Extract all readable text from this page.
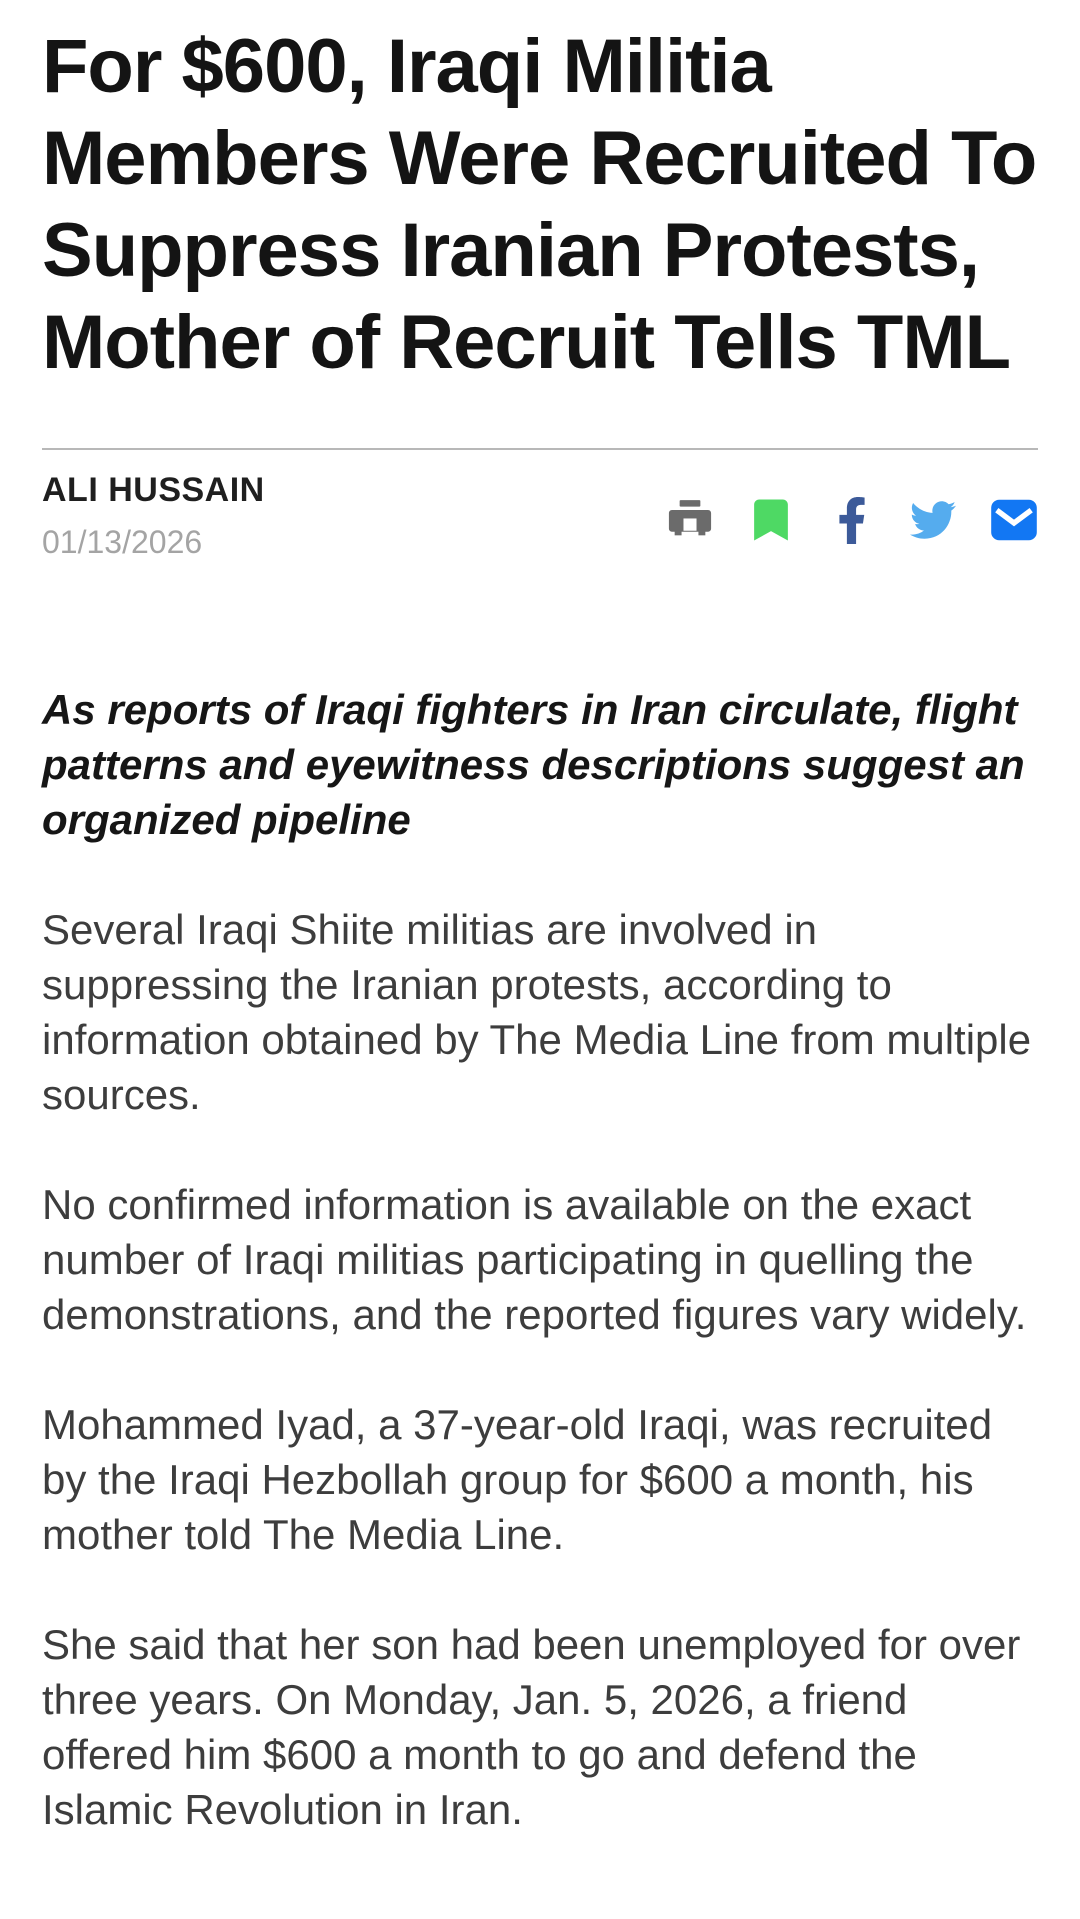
For $600, Iraqi Militia
Members Were Recruited To
Suppress Iranian Protests,
Mother of Recruit Tells TML
ALI HUSSAIN
01/13/2026
As reports of Iraqi fighters in Iran circulate, flight patterns and eyewitness descriptions suggest an organized pipeline

Several Iraqi Shiite militias are involved in suppressing the Iranian protests, according to information obtained by The Media Line from multiple sources.

No confirmed information is available on the exact number of Iraqi militias participating in quelling the demonstrations, and the reported figures vary widely.

Mohammed Iyad, a 37-year-old Iraqi, was recruited by the Iraqi Hezbollah group for $600 a month, his mother told The Media Line.

She said that her son had been unemployed for over three years. On Monday, Jan. 5, 2026, a friend offered him $600 a month to go and defend the Islamic Revolution in Iran.
